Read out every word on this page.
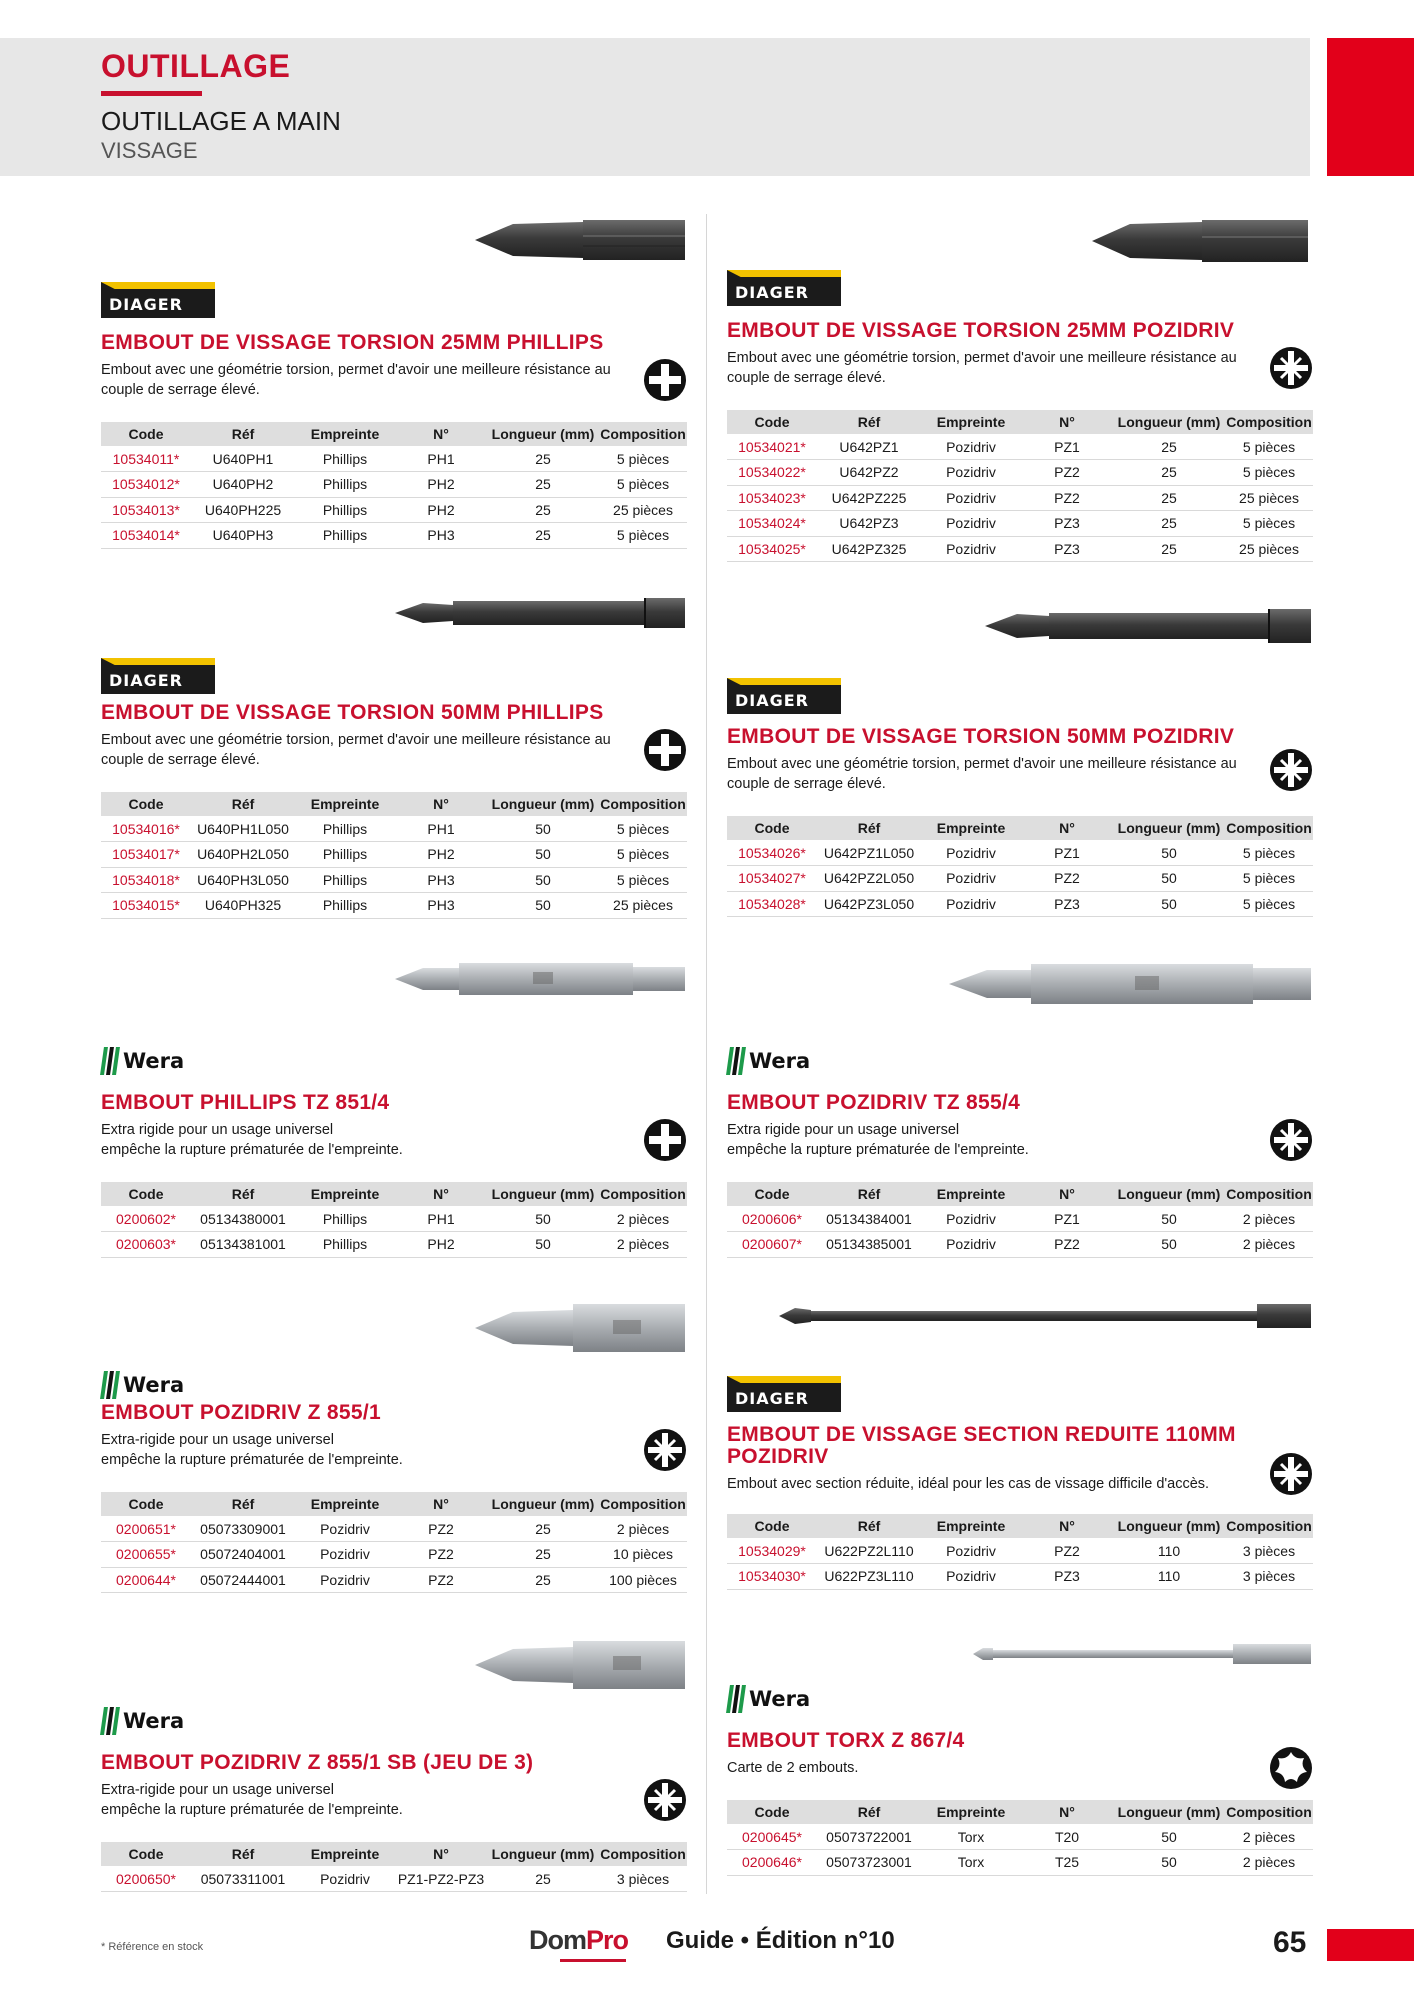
OUTILLAGE
OUTILLAGE A MAIN
VISSAGE
DIAGER
EMBOUT DE VISSAGE TORSION 25MM PHILLIPS
Embout avec une géométrie torsion, permet d'avoir une meilleure résistance au
couple de serrage élevé.
Code	Réf	Empreinte	N°	Longueur (mm)	Composition
10534011*	U640PH1	Phillips	PH1	25	5 pièces
10534012*	U640PH2	Phillips	PH2	25	5 pièces
10534013*	U640PH225	Phillips	PH2	25	25 pièces
10534014*	U640PH3	Phillips	PH3	25	5 pièces
DIAGER
EMBOUT DE VISSAGE TORSION 25MM POZIDRIV
Embout avec une géométrie torsion, permet d'avoir une meilleure résistance au
couple de serrage élevé.
Code	Réf	Empreinte	N°	Longueur (mm)	Composition
10534021*	U642PZ1	Pozidriv	PZ1	25	5 pièces
10534022*	U642PZ2	Pozidriv	PZ2	25	5 pièces
10534023*	U642PZ225	Pozidriv	PZ2	25	25 pièces
10534024*	U642PZ3	Pozidriv	PZ3	25	5 pièces
10534025*	U642PZ325	Pozidriv	PZ3	25	25 pièces
DIAGER
EMBOUT DE VISSAGE TORSION 50MM PHILLIPS
Embout avec une géométrie torsion, permet d'avoir une meilleure résistance au
couple de serrage élevé.
Code	Réf	Empreinte	N°	Longueur (mm)	Composition
10534016*	U640PH1L050	Phillips	PH1	50	5 pièces
10534017*	U640PH2L050	Phillips	PH2	50	5 pièces
10534018*	U640PH3L050	Phillips	PH3	50	5 pièces
10534015*	U640PH325	Phillips	PH3	50	25 pièces
DIAGER
EMBOUT DE VISSAGE TORSION 50MM POZIDRIV
Embout avec une géométrie torsion, permet d'avoir une meilleure résistance au
couple de serrage élevé.
Code	Réf	Empreinte	N°	Longueur (mm)	Composition
10534026*	U642PZ1L050	Pozidriv	PZ1	50	5 pièces
10534027*	U642PZ2L050	Pozidriv	PZ2	50	5 pièces
10534028*	U642PZ3L050	Pozidriv	PZ3	50	5 pièces
Wera
EMBOUT PHILLIPS TZ 851/4
Extra rigide pour un usage universel
empêche la rupture prématurée de l'empreinte.
Code	Réf	Empreinte	N°	Longueur (mm)	Composition
0200602*	05134380001	Phillips	PH1	50	2 pièces
0200603*	05134381001	Phillips	PH2	50	2 pièces
Wera
EMBOUT POZIDRIV TZ 855/4
Extra rigide pour un usage universel
empêche la rupture prématurée de l'empreinte.
Code	Réf	Empreinte	N°	Longueur (mm)	Composition
0200606*	05134384001	Pozidriv	PZ1	50	2 pièces
0200607*	05134385001	Pozidriv	PZ2	50	2 pièces
Wera
EMBOUT POZIDRIV Z 855/1
Extra-rigide pour un usage universel
empêche la rupture prématurée de l'empreinte.
Code	Réf	Empreinte	N°	Longueur (mm)	Composition
0200651*	05073309001	Pozidriv	PZ2	25	2 pièces
0200655*	05072404001	Pozidriv	PZ2	25	10 pièces
0200644*	05072444001	Pozidriv	PZ2	25	100 pièces
DIAGER
EMBOUT DE VISSAGE SECTION REDUITE 110MM
POZIDRIV
Embout avec section réduite, idéal pour les cas de vissage difficile d'accès.
Code	Réf	Empreinte	N°	Longueur (mm)	Composition
10534029*	U622PZ2L110	Pozidriv	PZ2	110	3 pièces
10534030*	U622PZ3L110	Pozidriv	PZ3	110	3 pièces
Wera
EMBOUT POZIDRIV Z 855/1 SB (JEU DE 3)
Extra-rigide pour un usage universel
empêche la rupture prématurée de l'empreinte.
Code	Réf	Empreinte	N°	Longueur (mm)	Composition
0200650*	05073311001	Pozidriv	PZ1-PZ2-PZ3	25	3 pièces
Wera
EMBOUT TORX Z 867/4
Carte de 2 embouts.
Code	Réf	Empreinte	N°	Longueur (mm)	Composition
0200645*	05073722001	Torx	T20	50	2 pièces
0200646*	05073723001	Torx	T25	50	2 pièces
* Référence en stock	DomPro Guide • Édition n°10	65
